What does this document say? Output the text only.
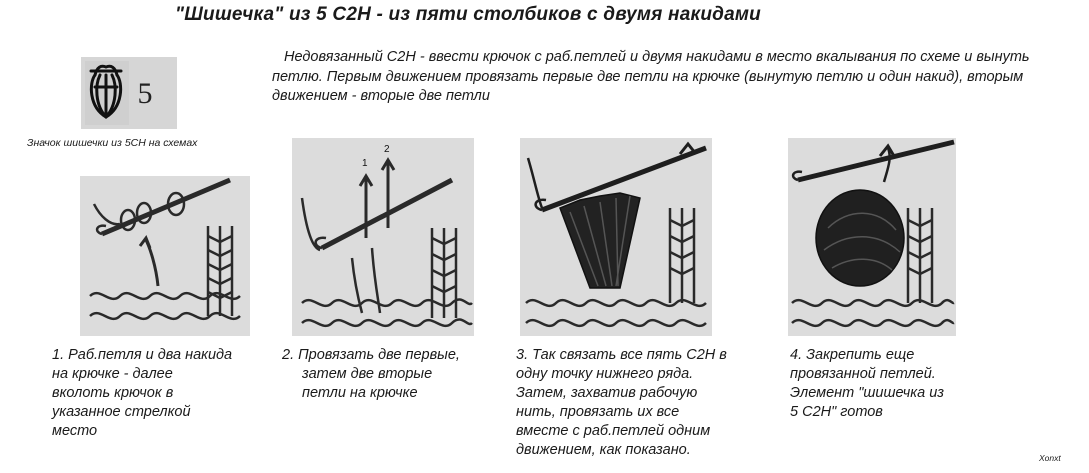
"Шишечка" из 5 С2Н - из пяти столбиков с двумя накидами
5
Значок шишечки из 5СН на схемах
Недовязанный С2Н - ввести крючок с раб.петлей и двумя накидами в место вкалывания по схеме и вынуть петлю. Первым движением провязать первые две петли на крючке (вынутую петлю и один накид), вторым движением - вторые две петли
1
2
1. Раб.петля и два накида
на крючке - далее
вколоть крючок в
указанное стрелкой
место
2. Провязать две первые,
затем две вторые
петли на крючке
3. Так связать все пять С2Н в
одну точку нижнего ряда.
Затем, захватив рабочую
нить, провязать их все
вместе с раб.петлей одним
движением, как показано.
4. Закрепить еще
провязанной петлей.
Элемент "шишечка из
5 С2Н" готов
Xonxt
